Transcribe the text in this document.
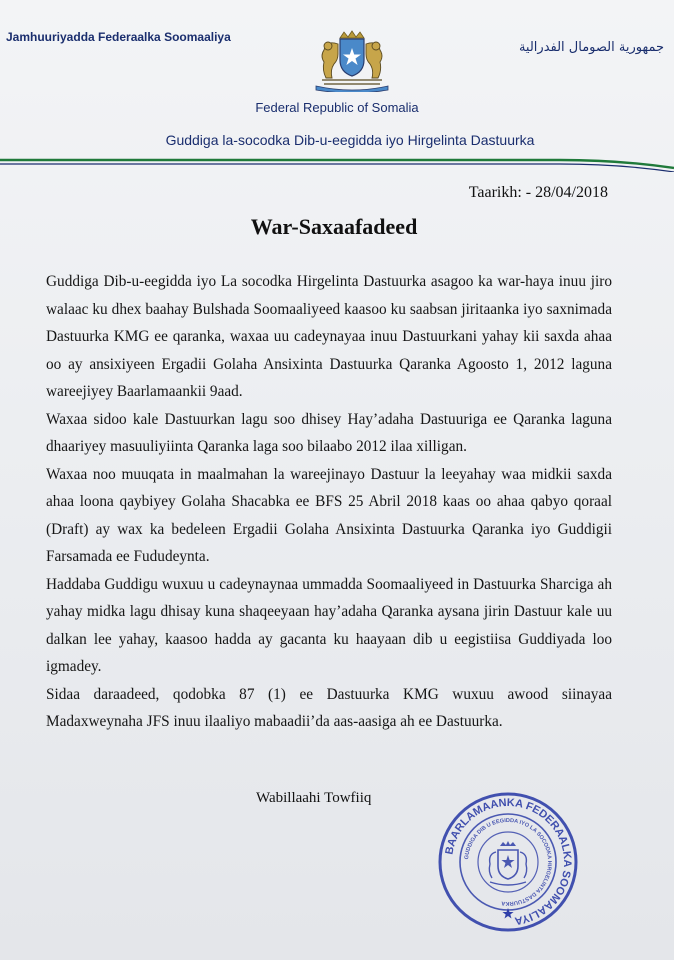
Jamhuuriyadda Federaalka Soomaaliya
جمهورية الصومال الفدرالية
Federal Republic of Somalia
Guddiga la-socodka Dib-u-eegidda iyo Hirgelinta Dastuurka
Taarikh: - 28/04/2018
War-Saxaafadeed

Guddiga Dib-u-eegidda iyo La socodka Hirgelinta Dastuurka asagoo ka war-haya inuu jiro walaac ku dhex baahay Bulshada Soomaaliyeed kaasoo ku saabsan jiritaanka iyo saxnimada Dastuurka KMG ee qaranka, waxaa uu cadeynayaa inuu Dastuurkani yahay kii saxda ahaa oo ay ansixiyeen Ergadii Golaha Ansixinta Dastuurka Qaranka Agoosto 1, 2012 laguna wareejiyey Baarlamaankii 9aad.

Waxaa sidoo kale Dastuurkan lagu soo dhisey Hay’adaha Dastuuriga ee Qaranka laguna dhaariyey masuuliyiinta Qaranka laga soo bilaabo 2012 ilaa xilligan.

Waxaa noo muuqata in maalmahan la wareejinayo Dastuur la leeyahay waa midkii saxda ahaa loona qaybiyey Golaha Shacabka ee BFS 25 Abril 2018 kaas oo ahaa qabyo qoraal (Draft) ay wax ka bedeleen Ergadii Golaha Ansixinta Dastuurka Qaranka iyo Guddigii Farsamada ee Fududeynta.

Haddaba Guddigu wuxuu u cadeynaynaa ummadda Soomaaliyeed in Dastuurka Sharciga ah yahay midka lagu dhisay kuna shaqeeyaan hay’adaha Qaranka aysana jirin Dastuur kale uu dalkan lee yahay, kaasoo hadda ay gacanta ku haayaan dib u eegistiisa Guddiyada loo igmadey.

Sidaa daraadeed, qodobka 87 (1) ee Dastuurka KMG wuxuu awood siinayaa Madaxweynaha JFS inuu ilaaliyo mabaadii’da aas-aasiga ah ee Dastuurka.

Wabillaahi Towfiiq
BAARLAMAANKA FEDERAALKA SOOMAALIYA
GUDDIGA DIB U EEGIDDA IYO LA SOCODKA HIRGELINTA DASTUURKA
